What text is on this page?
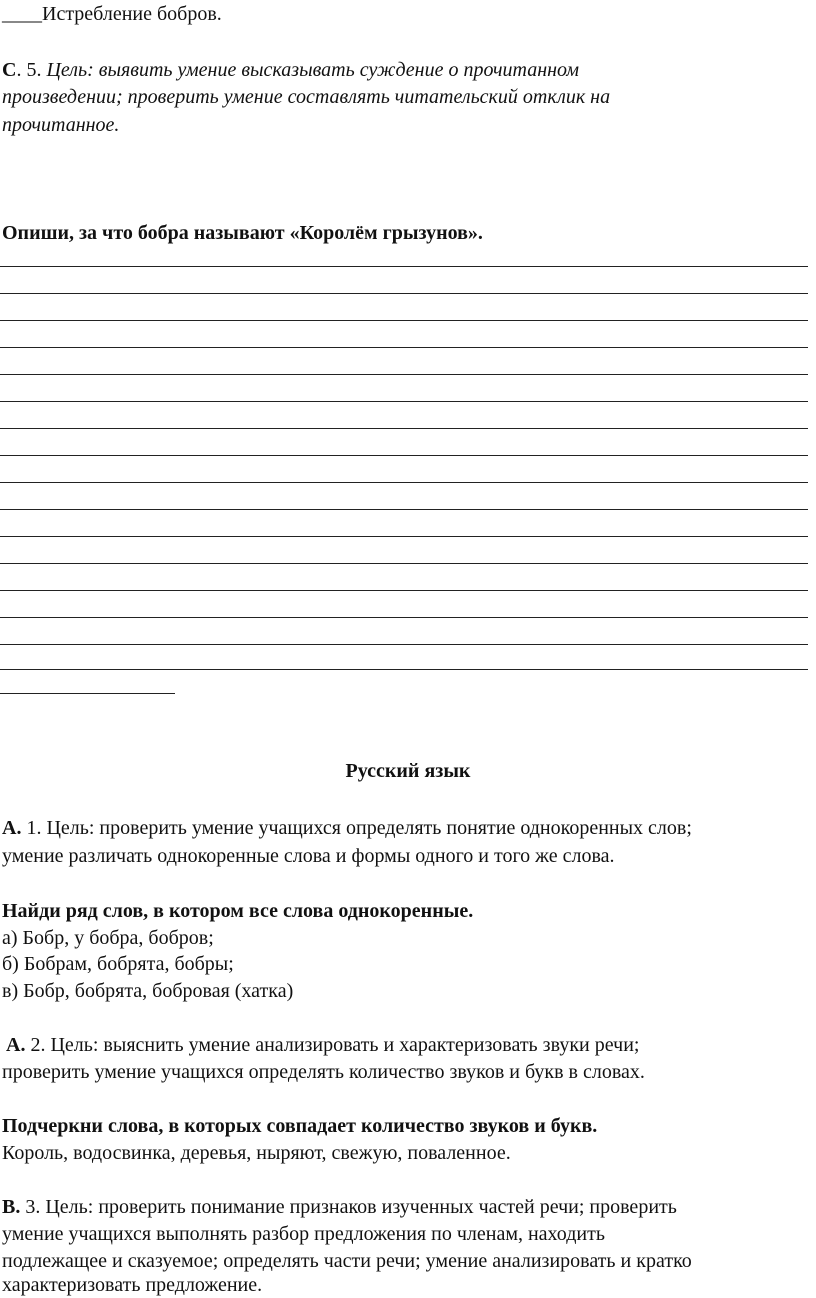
____Истребление бобров.
С. 5. Цель: выявить умение высказывать суждение о прочитанном
произведении; проверить умение составлять читательский отклик на
прочитанное.
Опиши, за что бобра называют «Королём грызунов».
Русский язык
А. 1. Цель: проверить умение учащихся определять понятие однокоренных слов;
умение различать однокоренные слова и формы одного и того же слова.
Найди ряд слов, в котором все слова однокоренные.
а) Бобр, у бобра, бобров;
б) Бобрам, бобрята, бобры;
в) Бобр, бобрята, бобровая (хатка)
А. 2. Цель: выяснить умение анализировать и характеризовать звуки речи;
проверить умение учащихся определять количество звуков и букв в словах.
Подчеркни слова, в которых совпадает количество звуков и букв.
Король, водосвинка, деревья, ныряют, свежую, поваленное.
В. 3. Цель: проверить понимание признаков изученных частей речи; проверить
умение учащихся выполнять разбор предложения по членам, находить
подлежащее и сказуемое; определять части речи; умение анализировать и кратко
характеризовать предложение.
